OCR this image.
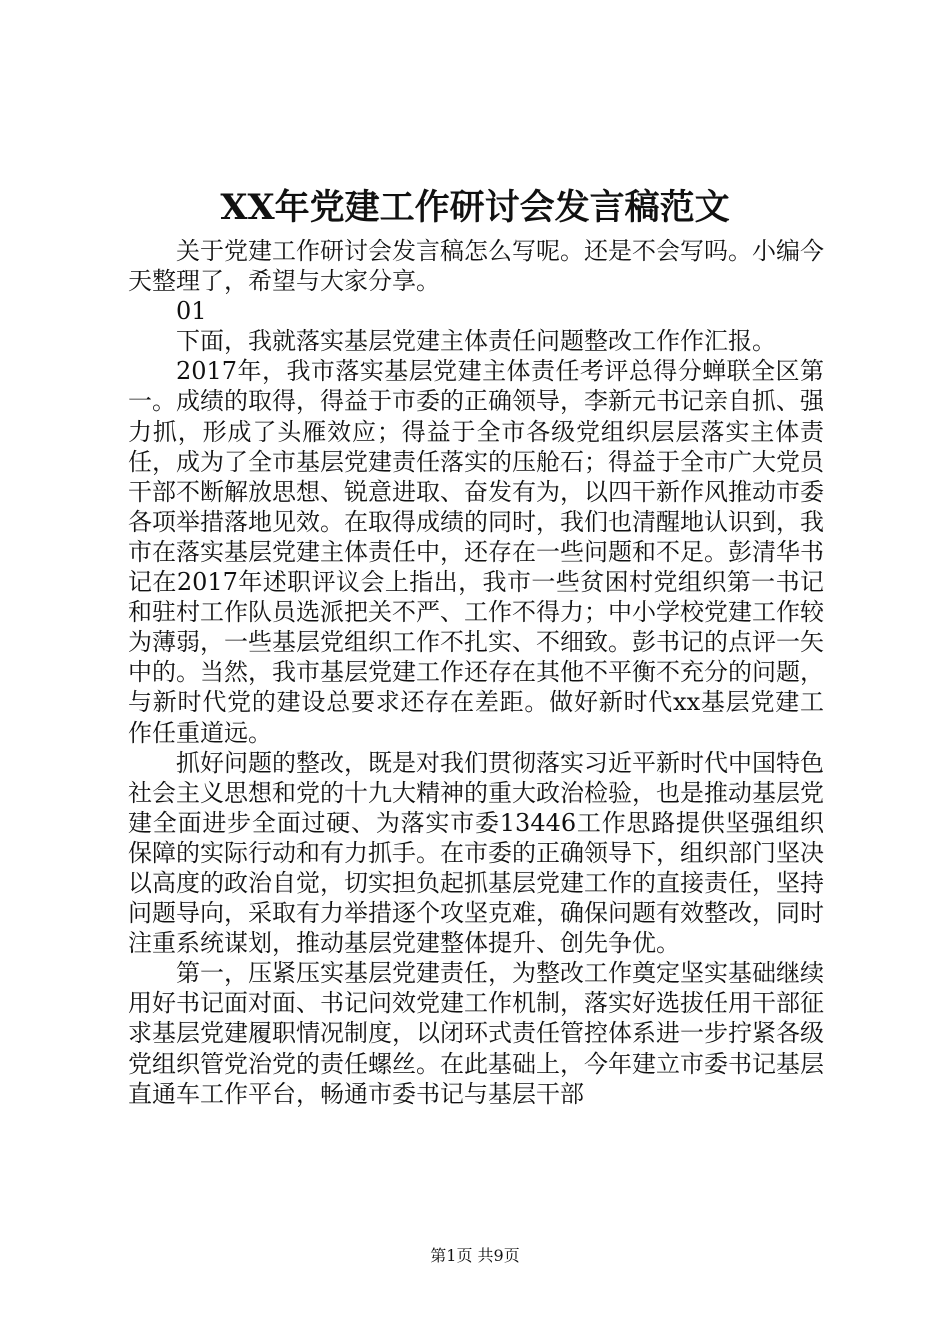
XX年党建工作研讨会发言稿范文

关于党建工作研讨会发言稿怎么写呢。还是不会写吗。小编今天整理了，希望与大家分享。

01

下面，我就落实基层党建主体责任问题整改工作作汇报。

2017年，我市落实基层党建主体责任考评总得分蝉联全区第一。成绩的取得，得益于市委的正确领导，李新元书记亲自抓、强力抓，形成了头雁效应；得益于全市各级党组织层层落实主体责任，成为了全市基层党建责任落实的压舱石；得益于全市广大党员干部不断解放思想、锐意进取、奋发有为，以四干新作风推动市委各项举措落地见效。在取得成绩的同时，我们也清醒地认识到，我市在落实基层党建主体责任中，还存在一些问题和不足。彭清华书记在2017年述职评议会上指出，我市一些贫困村党组织第一书记和驻村工作队员选派把关不严、工作不得力；中小学校党建工作较为薄弱，一些基层党组织工作不扎实、不细致。彭书记的点评一矢中的。当然，我市基层党建工作还存在其他不平衡不充分的问题，与新时代党的建设总要求还存在差距。做好新时代xx基层党建工作任重道远。

抓好问题的整改，既是对我们贯彻落实习近平新时代中国特色社会主义思想和党的十九大精神的重大政治检验，也是推动基层党建全面进步全面过硬、为落实市委13446工作思路提供坚强组织保障的实际行动和有力抓手。在市委的正确领导下，组织部门坚决以高度的政治自觉，切实担负起抓基层党建工作的直接责任，坚持问题导向，采取有力举措逐个攻坚克难，确保问题有效整改，同时注重系统谋划，推动基层党建整体提升、创先争优。

第一，压紧压实基层党建责任，为整改工作奠定坚实基础继续用好书记面对面、书记问效党建工作机制，落实好选拔任用干部征求基层党建履职情况制度，以闭环式责任管控体系进一步拧紧各级党组织管党治党的责任螺丝。在此基础上，今年建立市委书记基层直通车工作平台，畅通市委书记与基层干部

第1页 共9页
